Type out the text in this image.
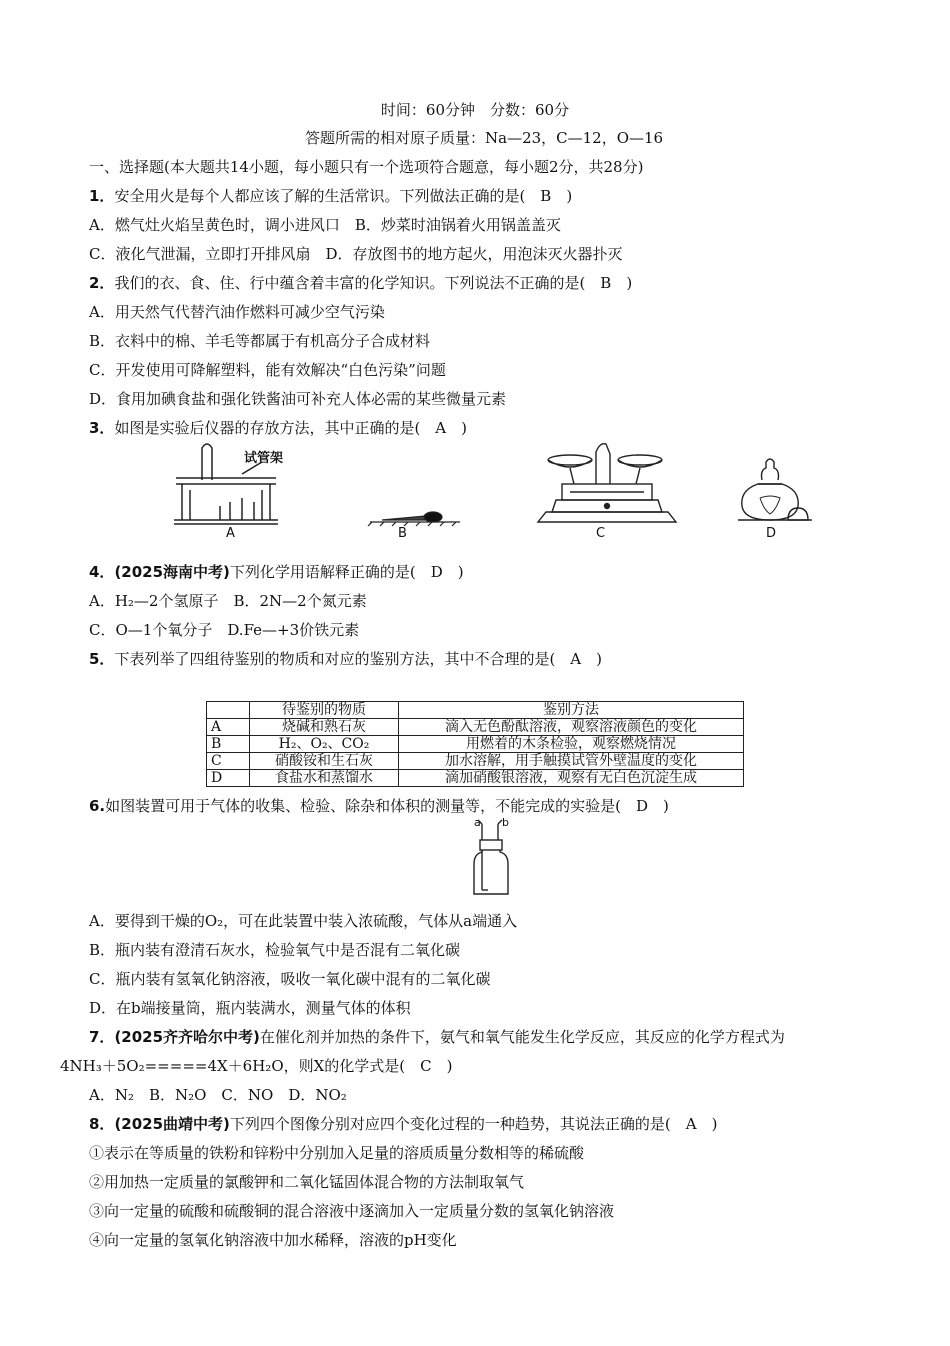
时间：60分钟　分数：60分
答题所需的相对原子质量：Na—23，C—12，O—16
一、选择题(本大题共14小题，每小题只有一个选项符合题意，每小题2分，共28分)
1．安全用火是每个人都应该了解的生活常识。下列做法正确的是(　B　)
A．燃气灶火焰呈黄色时，调小进风口　B．炒菜时油锅着火用锅盖盖灭
C．液化气泄漏，立即打开排风扇　D．存放图书的地方起火，用泡沫灭火器扑灭
2．我们的衣、食、住、行中蕴含着丰富的化学知识。下列说法不正确的是(　B　)
A．用天然气代替汽油作燃料可减少空气污染
B．衣料中的棉、羊毛等都属于有机高分子合成材料
C．开发使用可降解塑料，能有效解决“白色污染”问题
D．食用加碘食盐和强化铁酱油可补充人体必需的某些微量元素
3．如图是实验后仪器的存放方法，其中正确的是(　A　)
试管架
A	B	C	D
4．(2025海南中考)下列化学用语解释正确的是(　D　)
A．H₂—2个氢原子　B．2N—2个氮元素
C．O—1个氧分子　D.Fe—+3价铁元素
5．下表列举了四组待鉴别的物质和对应的鉴别方法，其中不合理的是(　A　)
	待鉴别的物质	鉴别方法
A	烧碱和熟石灰	滴入无色酚酞溶液，观察溶液颜色的变化
B	H₂、O₂、CO₂	用燃着的木条检验，观察燃烧情况
C	硝酸铵和生石灰	加水溶解，用手触摸试管外壁温度的变化
D	食盐水和蒸馏水	滴加硝酸银溶液，观察有无白色沉淀生成
6.如图装置可用于气体的收集、检验、除杂和体积的测量等，不能完成的实验是(　D　)
a b
A．要得到干燥的O₂，可在此装置中装入浓硫酸，气体从a端通入
B．瓶内装有澄清石灰水，检验氧气中是否混有二氧化碳
C．瓶内装有氢氧化钠溶液，吸收一氧化碳中混有的二氧化碳
D．在b端接量筒，瓶内装满水，测量气体的体积
7．(2025齐齐哈尔中考)在催化剂并加热的条件下，氨气和氧气能发生化学反应，其反应的化学方程式为
4NH₃＋5O₂=====4X＋6H₂O，则X的化学式是(　C　)
A．N₂　B．N₂O　C．NO　D．NO₂
8．(2025曲靖中考)下列四个图像分别对应四个变化过程的一种趋势，其说法正确的是(　A　)
①表示在等质量的铁粉和锌粉中分别加入足量的溶质质量分数相等的稀硫酸
②用加热一定质量的氯酸钾和二氧化锰固体混合物的方法制取氧气
③向一定量的硫酸和硫酸铜的混合溶液中逐滴加入一定质量分数的氢氧化钠溶液
④向一定量的氢氧化钠溶液中加水稀释，溶液的pH变化
